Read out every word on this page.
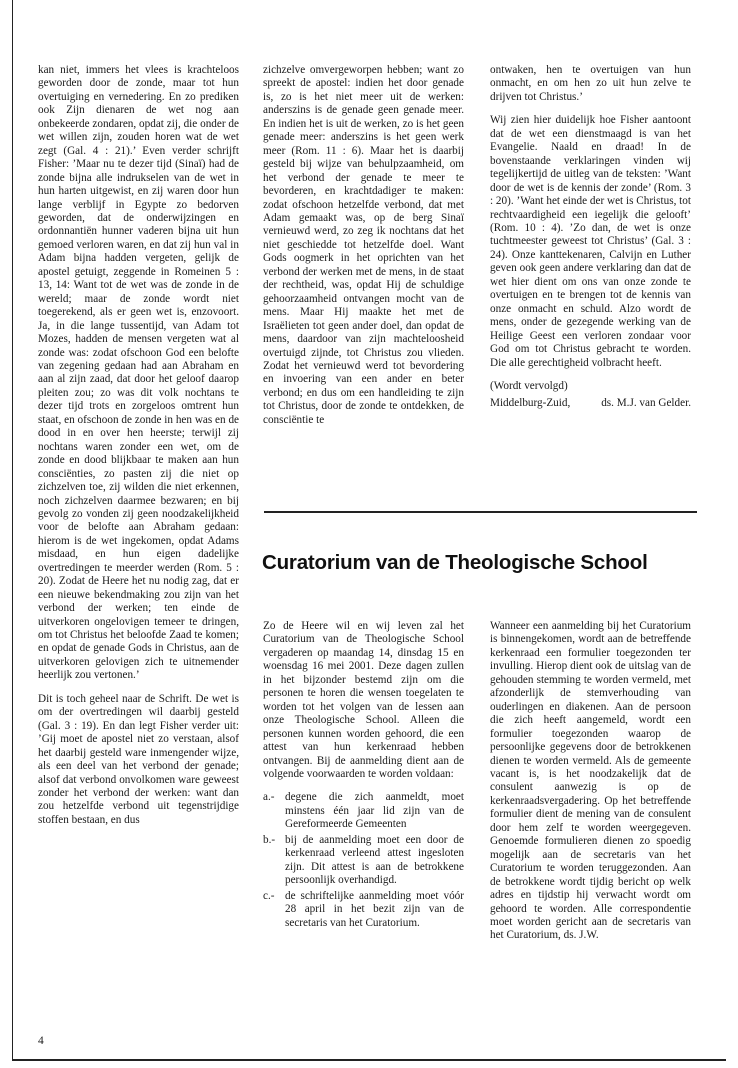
kan niet, immers het vlees is krachteloos geworden door de zonde, maar tot hun overtuiging en vernedering. En zo prediken ook Zijn dienaren de wet nog aan onbekeerde zondaren, opdat zij, die onder de wet willen zijn, zouden horen wat de wet zegt (Gal. 4 : 21).’ Even verder schrijft Fisher: ’Maar nu te dezer tijd (Sinaï) had de zonde bijna alle indrukselen van de wet in hun harten uitgewist, en zij waren door hun lange verblijf in Egypte zo bedorven geworden, dat de onderwijzingen en ordonnantiën hunner vaderen bijna uit hun gemoed verloren waren, en dat zij hun val in Adam bijna hadden vergeten, gelijk de apostel getuigt, zeggende in Romeinen 5 : 13, 14: Want tot de wet was de zonde in de wereld; maar de zonde wordt niet toegerekend, als er geen wet is, enzovoort. Ja, in die lange tussentijd, van Adam tot Mozes, hadden de mensen vergeten wat al zonde was: zodat ofschoon God een belofte van zegening gedaan had aan Abraham en aan al zijn zaad, dat door het geloof daarop pleiten zou; zo was dit volk nochtans te dezer tijd trots en zorgeloos omtrent hun staat, en ofschoon de zonde in hen was en de dood in en over hen heerste; terwijl zij nochtans waren zonder een wet, om de zonde en dood blijkbaar te maken aan hun consciënties, zo pasten zij die niet op zichzelven toe, zij wilden die niet erkennen, noch zichzelven daarmee bezwaren; en bij gevolg zo vonden zij geen noodzakelijkheid voor de belofte aan Abraham gedaan: hierom is de wet ingekomen, opdat Adams misdaad, en hun eigen dadelijke overtredingen te meerder werden (Rom. 5 : 20). Zodat de Heere het nu nodig zag, dat er een nieuwe bekendmaking zou zijn van het verbond der werken; ten einde de uitverkoren ongelovigen temeer te dringen, om tot Christus het beloofde Zaad te komen; en opdat de genade Gods in Christus, aan de uitverkoren gelovigen zich te uitnemender heerlijk zou vertonen.’

Dit is toch geheel naar de Schrift. De wet is om der overtredingen wil daarbij gesteld (Gal. 3 : 19). En dan legt Fisher verder uit: ’Gij moet de apostel niet zo verstaan, alsof het daarbij gesteld ware inmengender wijze, als een deel van het verbond der genade; alsof dat verbond onvolkomen ware geweest zonder het verbond der werken: want dan zou hetzelfde verbond uit tegenstrijdige stoffen bestaan, en dus

zichzelve omvergeworpen hebben; want zo spreekt de apostel: indien het door genade is, zo is het niet meer uit de werken: anderszins is de genade geen genade meer. En indien het is uit de werken, zo is het geen genade meer: anderszins is het geen werk meer (Rom. 11 : 6). Maar het is daarbij gesteld bij wijze van behulpzaamheid, om het verbond der genade te meer te bevorderen, en krachtdadiger te maken: zodat ofschoon hetzelfde verbond, dat met Adam gemaakt was, op de berg Sinaï vernieuwd werd, zo zeg ik nochtans dat het niet geschiedde tot hetzelfde doel. Want Gods oogmerk in het oprichten van het verbond der werken met de mens, in de staat der rechtheid, was, opdat Hij de schuldige gehoorzaamheid ontvangen mocht van de mens. Maar Hij maakte het met de Israëlieten tot geen ander doel, dan opdat de mens, daardoor van zijn machteloosheid overtuigd zijnde, tot Christus zou vlieden. Zodat het vernieuwd werd tot bevordering en invoering van een ander en beter verbond; en dus om een handleiding te zijn tot Christus, door de zonde te ontdekken, de consciëntie te

ontwaken, hen te overtuigen van hun onmacht, en om hen zo uit hun zelve te drijven tot Christus.’

Wij zien hier duidelijk hoe Fisher aantoont dat de wet een dienstmaagd is van het Evangelie. Naald en draad! In de bovenstaande verklaringen vinden wij tegelijkertijd de uitleg van de teksten: ’Want door de wet is de kennis der zonde’ (Rom. 3 : 20). ’Want het einde der wet is Christus, tot rechtvaardigheid een iegelijk die gelooft’ (Rom. 10 : 4). ’Zo dan, de wet is onze tuchtmeester geweest tot Christus’ (Gal. 3 : 24). Onze kanttekenaren, Calvijn en Luther geven ook geen andere verklaring dan dat de wet hier dient om ons van onze zonde te overtuigen en te brengen tot de kennis van onze onmacht en schuld. Alzo wordt de mens, onder de gezegende werking van de Heilige Geest een verloren zondaar voor God om tot Christus gebracht te worden. Die alle gerechtigheid volbracht heeft.

(Wordt vervolgd)

Middelburg-Zuid,	ds. M.J. van Gelder.
Curatorium van de Theologische School

Zo de Heere wil en wij leven zal het Curatorium van de Theologische School vergaderen op maandag 14, dinsdag 15 en woensdag 16 mei 2001. Deze dagen zullen in het bijzonder bestemd zijn om die personen te horen die wensen toegelaten te worden tot het volgen van de lessen aan onze Theologische School. Alleen die personen kunnen worden gehoord, die een attest van hun kerkenraad hebben ontvangen. Bij de aanmelding dient aan de volgende voorwaarden te worden voldaan:

a.- degene die zich aanmeldt, moet minstens één jaar lid zijn van de Gereformeerde Gemeenten
b.- bij de aanmelding moet een door de kerkenraad verleend attest ingesloten zijn. Dit attest is aan de betrokkene persoonlijk overhandigd.
c.- de schriftelijke aanmelding moet vóór 28 april in het bezit zijn van de secretaris van het Curatorium.

Wanneer een aanmelding bij het Curatorium is binnengekomen, wordt aan de betreffende kerkenraad een formulier toegezonden ter invulling. Hierop dient ook de uitslag van de gehouden stemming te worden vermeld, met afzonderlijk de stemverhouding van ouderlingen en diakenen. Aan de persoon die zich heeft aangemeld, wordt een formulier toegezonden waarop de persoonlijke gegevens door de betrokkenen dienen te worden vermeld. Als de gemeente vacant is, is het noodzakelijk dat de consulent aanwezig is op de kerkenraadsvergadering. Op het betreffende formulier dient de mening van de consulent door hem zelf te worden weergegeven. Genoemde formulieren dienen zo spoedig mogelijk aan de secretaris van het Curatorium te worden teruggezonden. Aan de betrokkene wordt tijdig bericht op welk adres en tijdstip hij verwacht wordt om gehoord te worden. Alle correspondentie moet worden gericht aan de secretaris van het Curatorium, ds. J.W.

4
